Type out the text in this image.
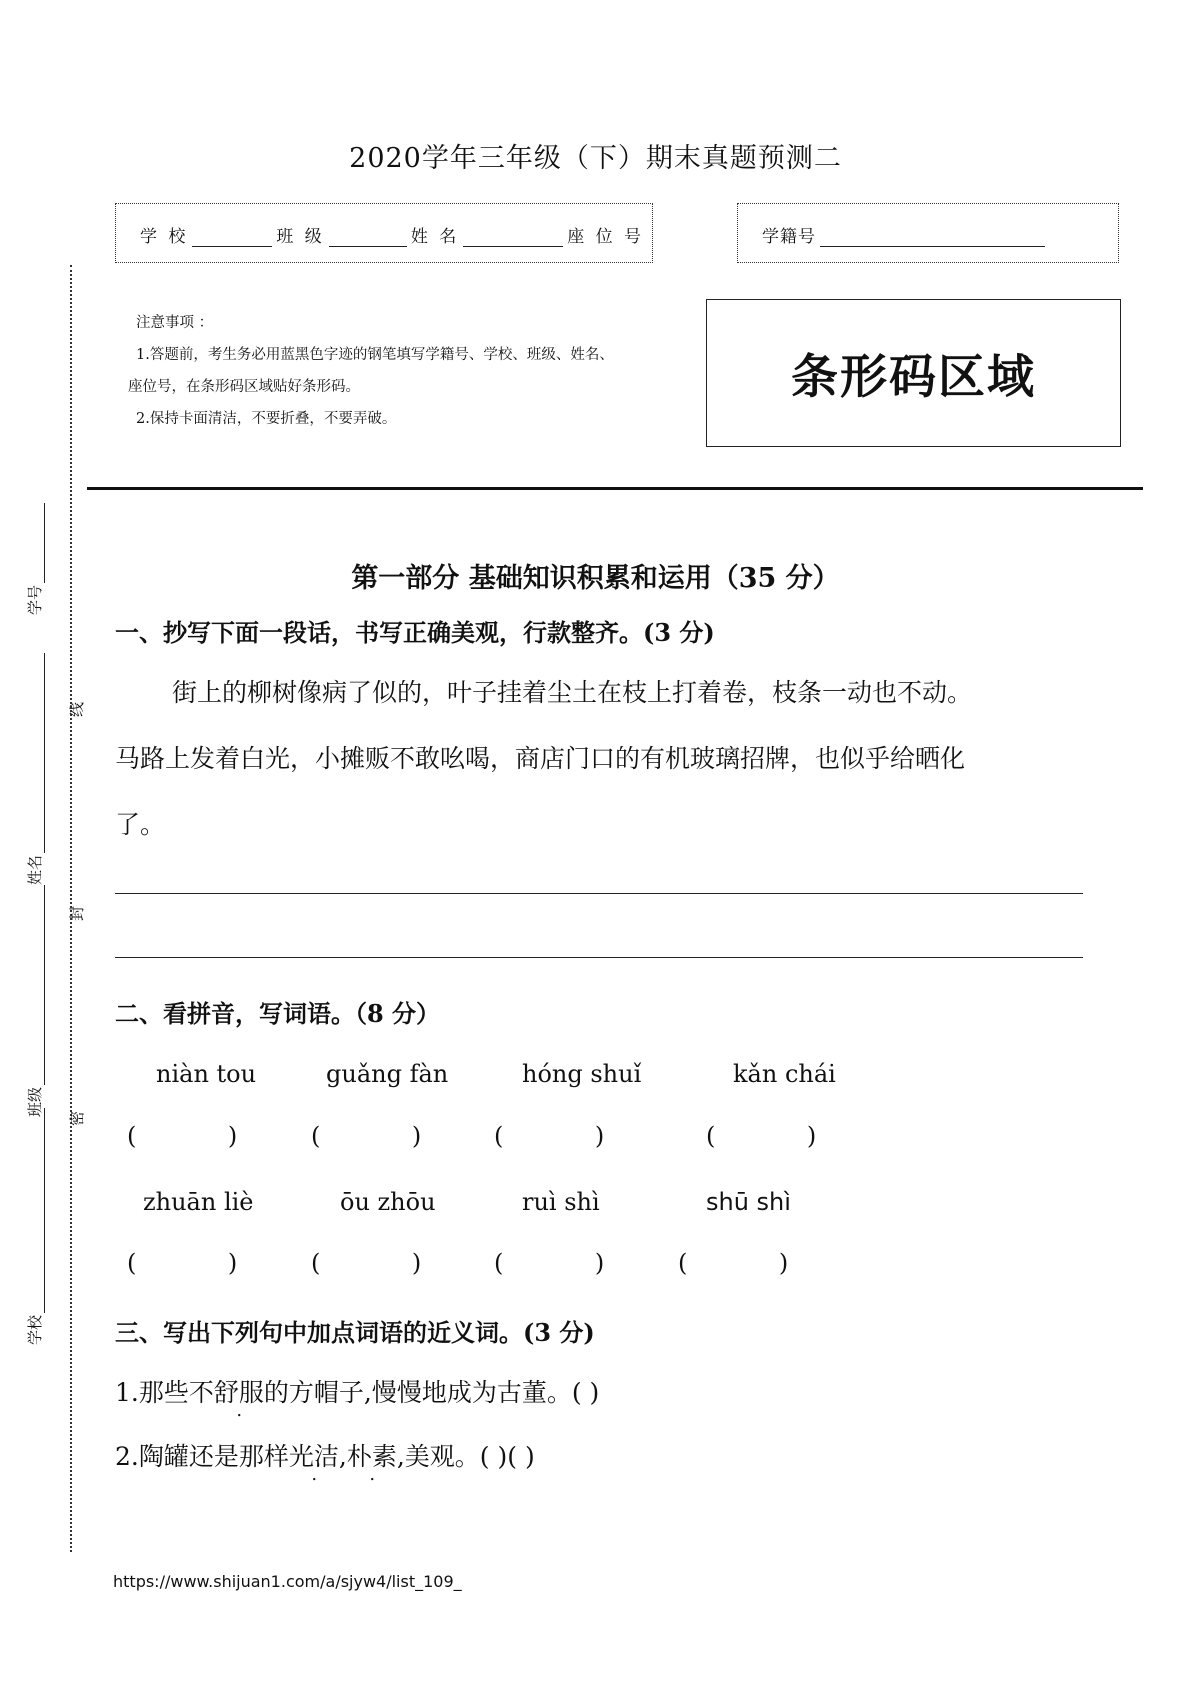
2020学年三年级（下）期末真题预测二
学 校	班 级	姓 名	座 位 号	学籍号
注意事项 ：
1.答题前，考生务必用蓝黑色字迹的钢笔填写学籍号、学校、班级、姓名、
座位号，在条形码区域贴好条形码。
2.保持卡面清洁，不要折叠，不要弄破。
条形码区域
学号
姓名
班级
学校
线
封
密
第一部分 基础知识积累和运用（35 分）
一、抄写下面一段话，书写正确美观，行款整齐。(3 分)

街上的柳树像病了似的，叶子挂着尘土在枝上打着卷，枝条一动也不动。

马路上发着白光，小摊贩不敢吆喝，商店门口的有机玻璃招牌，也似乎给晒化

了。

二、看拼音，写词语。（8 分）
niàn tou	guǎng fàn	hóng shuǐ	kǎn chái
(            )	(            )	(            )	(            )
zhuān liè	ōu zhōu	ruì shì	shū shì
(            )	(            )	(            )	(            )
三、写出下列句中加点词语的近义词。(3 分)
1.那些不舒服的方帽子,慢慢地成为古董。( )
2.陶罐还是那样光洁,朴素,美观。( )( )
https://www.shijuan1.com/a/sjyw4/list_109_
